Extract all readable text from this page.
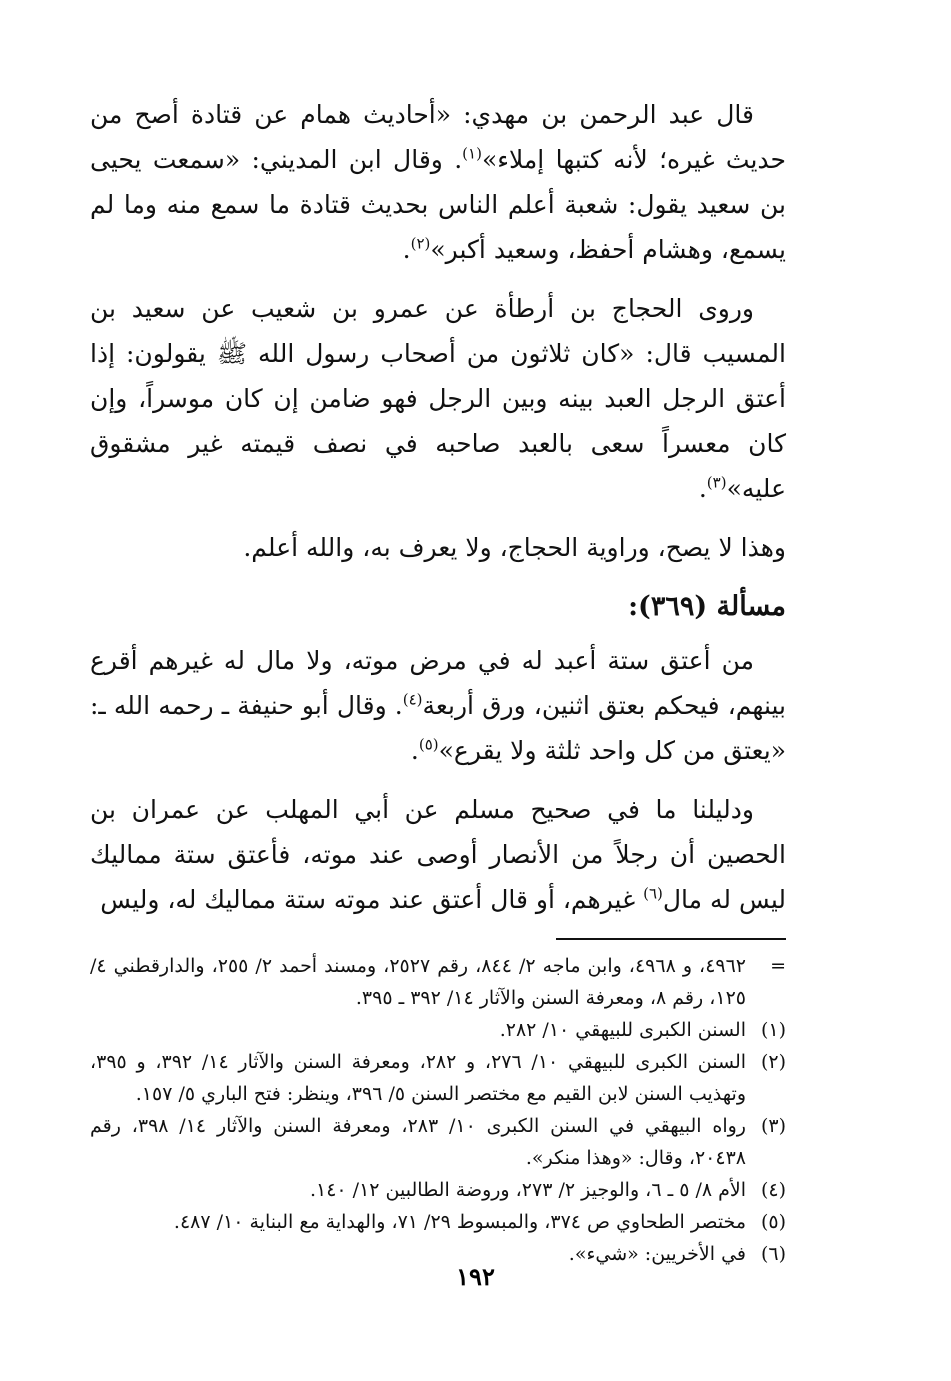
قال عبد الرحمن بن مهدي: «أحاديث همام عن قتادة أصح من حديث غيره؛ لأنه كتبها إملاء»$^{(١)}$. وقال ابن المديني: «سمعت يحيى بن سعيد يقول: شعبة أعلم الناس بحديث قتادة ما سمع منه وما لم يسمع، وهشام أحفظ، وسعيد أكبر»$^{(٢)}$.

وروى الحجاج بن أرطأة عن عمرو بن شعيب عن سعيد بن المسيب قال: «كان ثلاثون من أصحاب رسول الله ﷺ يقولون: إذا أعتق الرجل العبد بينه وبين الرجل فهو ضامن إن كان موسراً، وإن كان معسراً سعى بالعبد صاحبه في نصف قيمته غير مشقوق عليه»$^{(٣)}$.

وهذا لا يصح، وراوية الحجاج، ولا يعرف به، والله أعلم.

مسألة (٣٦٩):

من أعتق ستة أعبد له في مرض موته، ولا مال له غيرهم أقرع بينهم، فيحكم بعتق اثنين، ورق أربعة$^{(٤)}$. وقال أبو حنيفة ـ رحمه الله ـ: «يعتق من كل واحد ثلثة ولا يقرع»$^{(٥)}$.

ودليلنا ما في صحيح مسلم عن أبي المهلب عن عمران بن الحصين أن رجلاً من الأنصار أوصى عند موته، فأعتق ستة مماليك ليس له مال$^{(٦)}$ غيرهم، أو قال أعتق عند موته ستة مماليك له، وليس

=
٤٩٦٢، و ٤٩٦٨، وابن ماجه ٢/ ٨٤٤، رقم ٢٥٢٧، ومسند أحمد ٢/ ٢٥٥، والدارقطني ٤/ ١٢٥، رقم ٨، ومعرفة السنن والآثار ١٤/ ٣٩٢ ـ ٣٩٥.
(١)
السنن الكبرى للبيهقي ١٠/ ٢٨٢.
(٢)
السنن الكبرى للبيهقي ١٠/ ٢٧٦، و ٢٨٢، ومعرفة السنن والآثار ١٤/ ٣٩٢، و ٣٩٥، وتهذيب السنن لابن القيم مع مختصر السنن ٥/ ٣٩٦، وينظر: فتح الباري ٥/ ١٥٧.
(٣)
رواه البيهقي في السنن الكبرى ١٠/ ٢٨٣، ومعرفة السنن والآثار ١٤/ ٣٩٨، رقم ٢٠٤٣٨، وقال: «وهذا منكر».
(٤)
الأم ٨/ ٥ ـ ٦، والوجيز ٢/ ٢٧٣، وروضة الطالبين ١٢/ ١٤٠.
(٥)
مختصر الطحاوي ص ٣٧٤، والمبسوط ٢٩/ ٧١، والهداية مع البناية ١٠/ ٤٨٧.
(٦)
في الأخريين: «شيء».
١٩٢
